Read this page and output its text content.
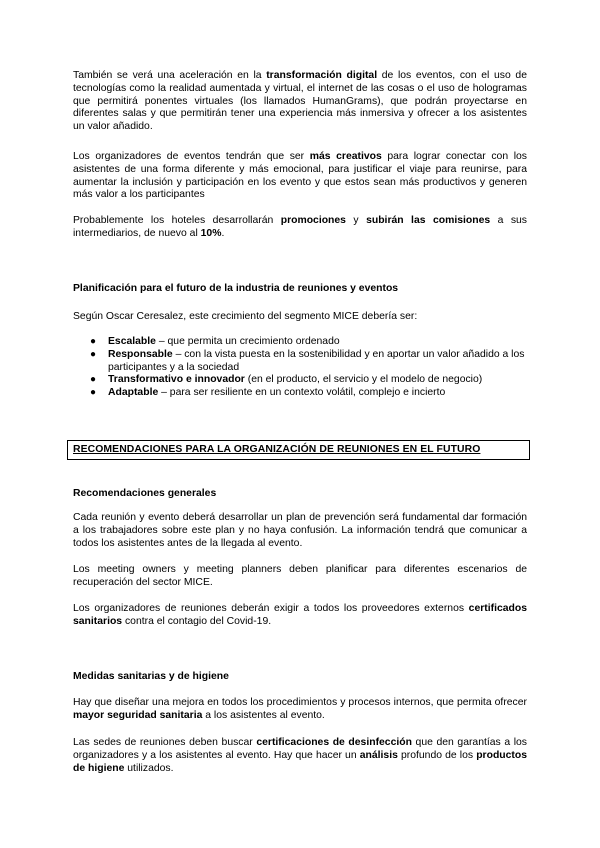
También se verá una aceleración en la transformación digital de los eventos, con el uso de tecnologías como la realidad aumentada y virtual, el internet de las cosas o el uso de hologramas que permitirá ponentes virtuales (los llamados HumanGrams), que podrán proyectarse en diferentes salas y que permitirán tener una experiencia más inmersiva y ofrecer a los asistentes un valor añadido.

Los organizadores de eventos tendrán que ser más creativos para lograr conectar con los asistentes de una forma diferente y más emocional, para justificar el viaje para reunirse, para aumentar la inclusión y participación en los evento y que estos sean más productivos y generen más valor a los participantes

Probablemente los hoteles desarrollarán promociones y subirán las comisiones a sus intermediarios, de nuevo al 10%.

Planificación para el futuro de la industria de reuniones y eventos

Según Oscar Ceresalez, este crecimiento del segmento MICE debería ser:

● Escalable – que permita un crecimiento ordenado
● Responsable – con la vista puesta en la sostenibilidad y en aportar un valor añadido a los participantes y a la sociedad
● Transformativo e innovador (en el producto, el servicio y el modelo de negocio)
● Adaptable – para ser resiliente en un contexto volátil, complejo e incierto
RECOMENDACIONES PARA LA ORGANIZACIÓN DE REUNIONES EN EL FUTURO
Recomendaciones generales

Cada reunión y evento deberá desarrollar un plan de prevención será fundamental dar formación a los trabajadores sobre este plan y no haya confusión. La información tendrá que comunicar a todos los asistentes antes de la llegada al evento.

Los meeting owners y meeting planners deben planificar para diferentes escenarios de recuperación del sector MICE.

Los organizadores de reuniones deberán exigir a todos los proveedores externos certificados sanitarios contra el contagio del Covid-19.

Medidas sanitarias y de higiene

Hay que diseñar una mejora en todos los procedimientos y procesos internos, que permita ofrecer mayor seguridad sanitaria a los asistentes al evento.

Las sedes de reuniones deben buscar certificaciones de desinfección que den garantías a los organizadores y a los asistentes al evento. Hay que hacer un análisis profundo de los productos de higiene utilizados.
